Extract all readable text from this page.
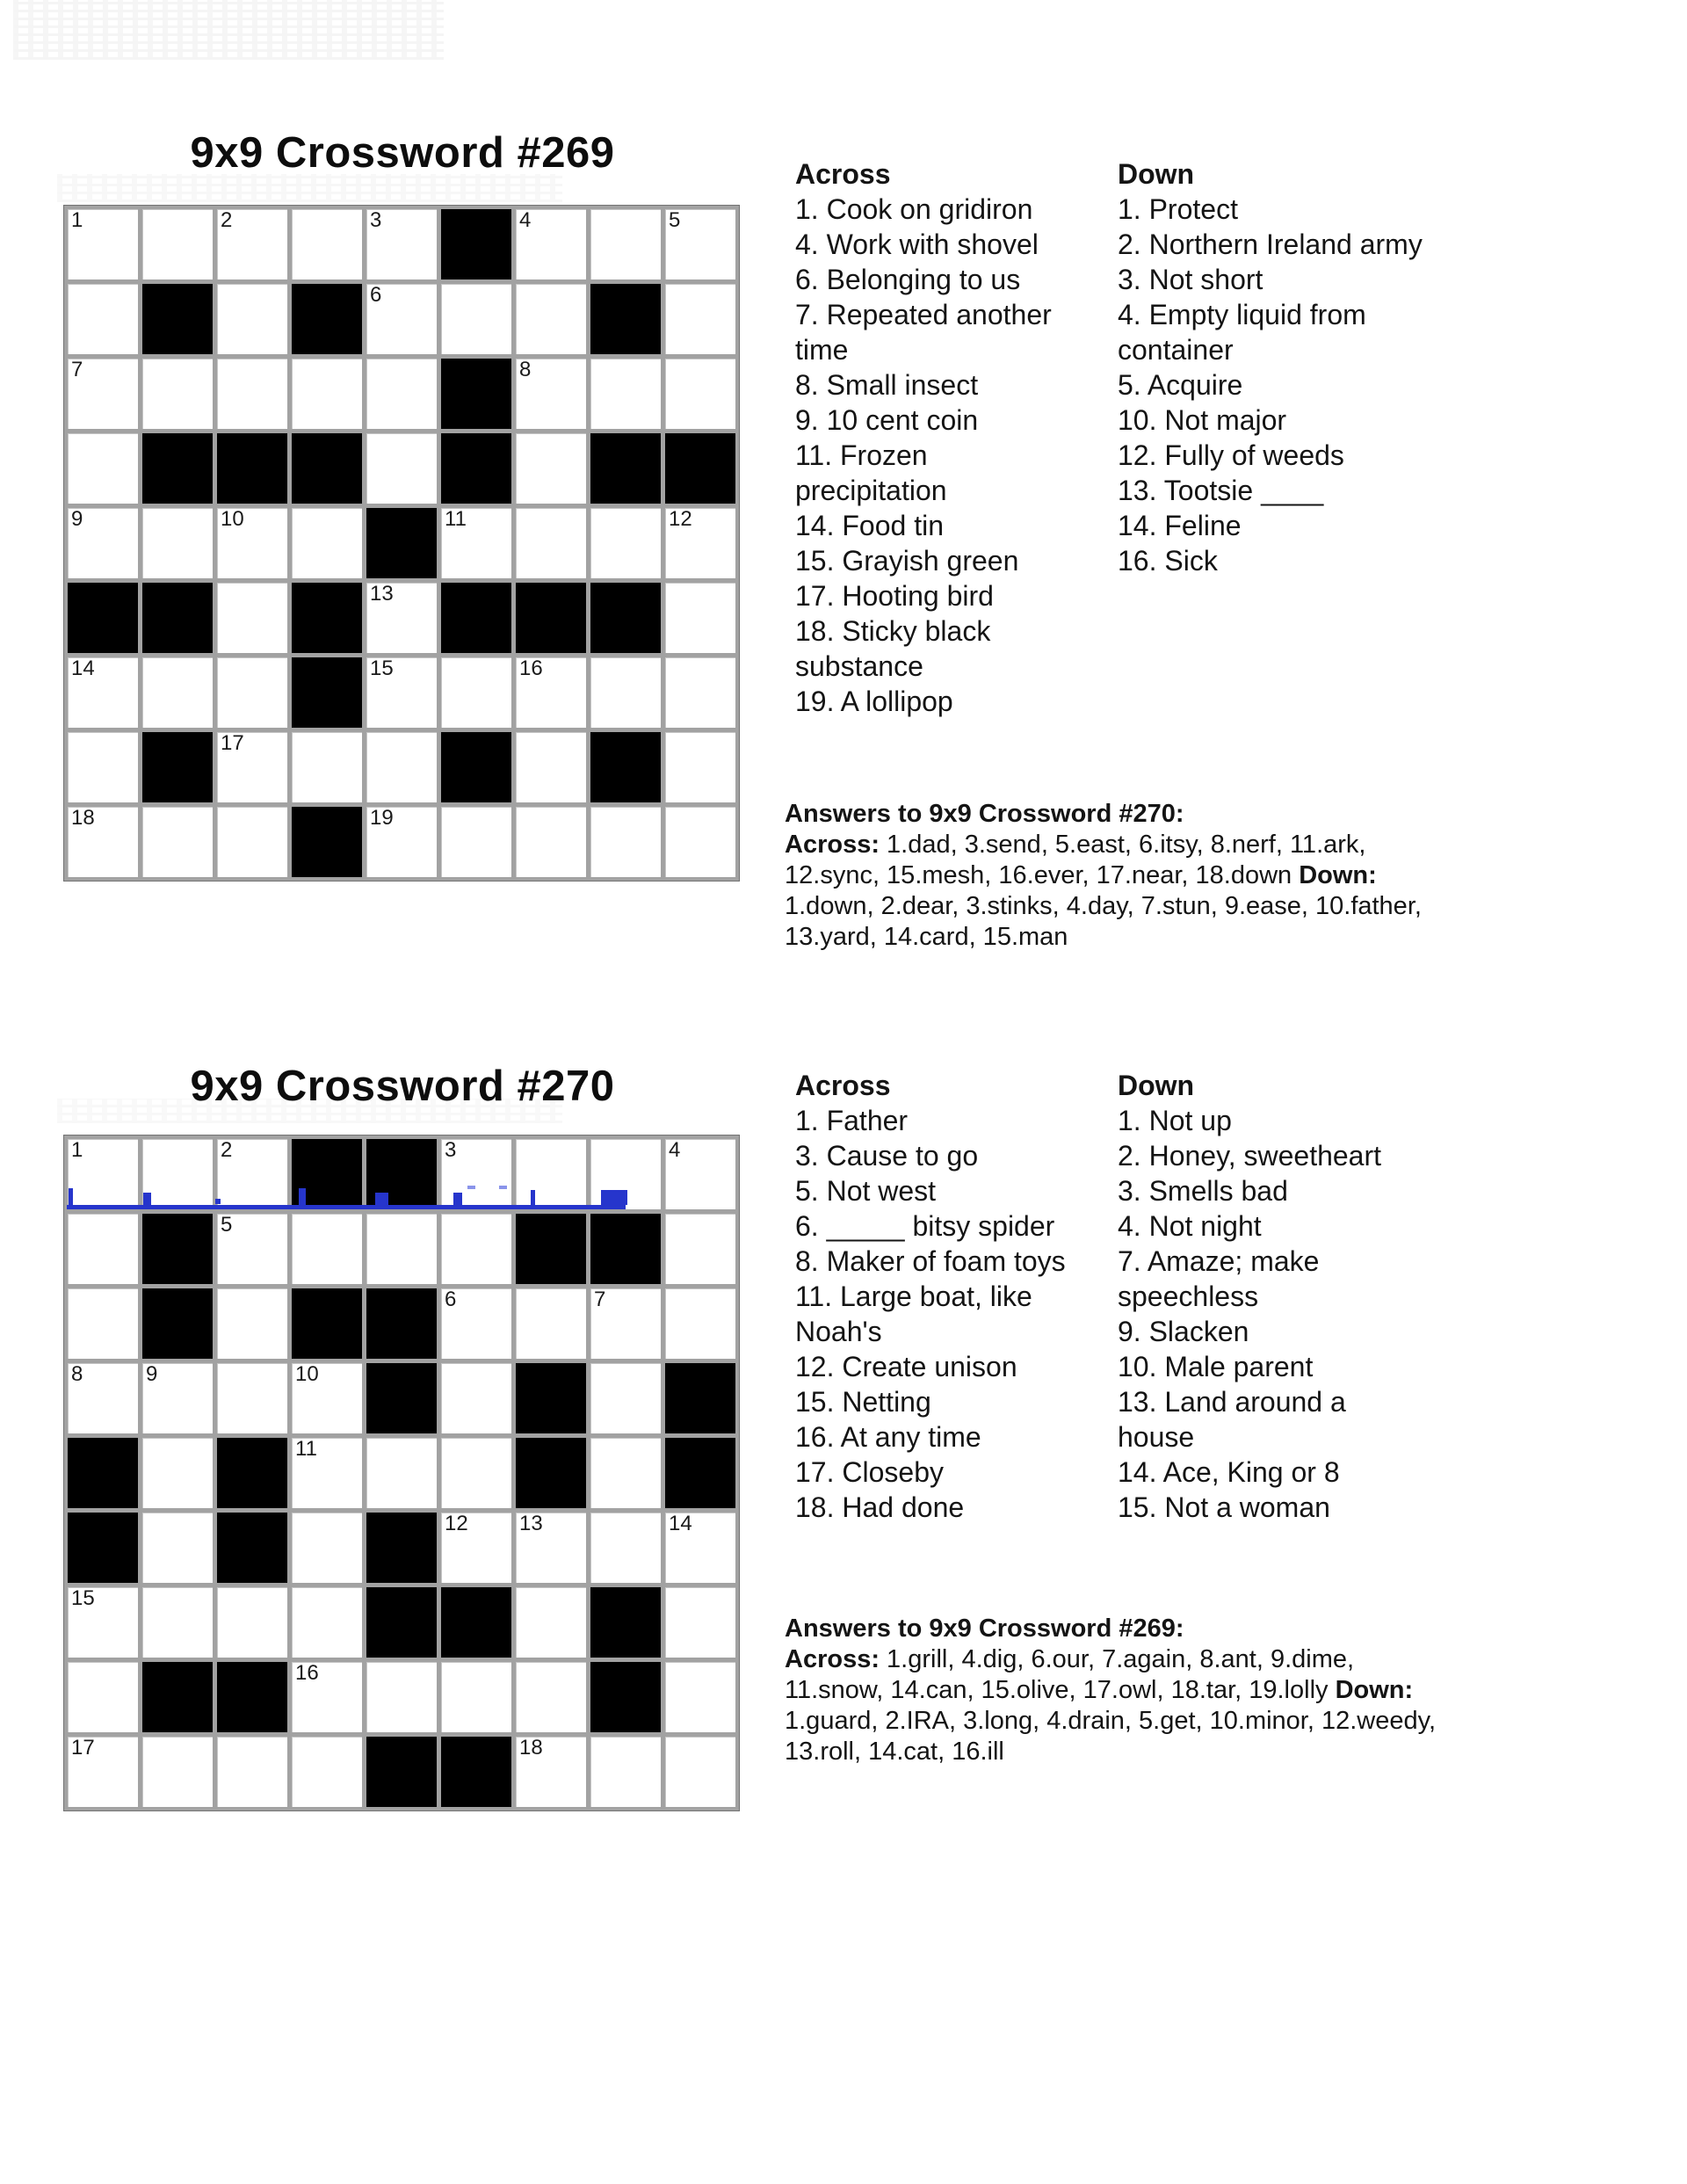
9x9 Crossword #269
1	2	3	4	5
6
7	8
9	10	11	12
13
14	15	16
17
18	19
Across
1. Cook on gridiron
4. Work with shovel
6. Belonging to us
7. Repeated another
time
8. Small insect
9. 10 cent coin
11. Frozen
precipitation
14. Food tin
15. Grayish green
17. Hooting bird
18. Sticky black
substance
19. A lollipop
Down
1. Protect
2. Northern Ireland army
3. Not short
4. Empty liquid from
container
5. Acquire
10. Not major
12. Fully of weeds
13. Tootsie ____
14. Feline
16. Sick
Answers to 9x9 Crossword #270:
Across: 1.dad, 3.send, 5.east, 6.itsy, 8.nerf, 11.ark,
12.sync, 15.mesh, 16.ever, 17.near, 18.down Down:
1.down, 2.dear, 3.stinks, 4.day, 7.stun, 9.ease, 10.father,
13.yard, 14.card, 15.man
9x9 Crossword #270
1	2	3	4
5
6	7
8	9	10
11
12 13	14
15
16
17	18
Across
1. Father
3. Cause to go
5. Not west
6. _____ bitsy spider
8. Maker of foam toys
11. Large boat, like
Noah's
12. Create unison
15. Netting
16. At any time
17. Closeby
18. Had done
Down
1. Not up
2. Honey, sweetheart
3. Smells bad
4. Not night
7. Amaze; make
speechless
9. Slacken
10. Male parent
13. Land around a
house
14. Ace, King or 8
15. Not a woman
Answers to 9x9 Crossword #269:
Across: 1.grill, 4.dig, 6.our, 7.again, 8.ant, 9.dime,
11.snow, 14.can, 15.olive, 17.owl, 18.tar, 19.lolly Down:
1.guard, 2.IRA, 3.long, 4.drain, 5.get, 10.minor, 12.weedy,
13.roll, 14.cat, 16.ill
